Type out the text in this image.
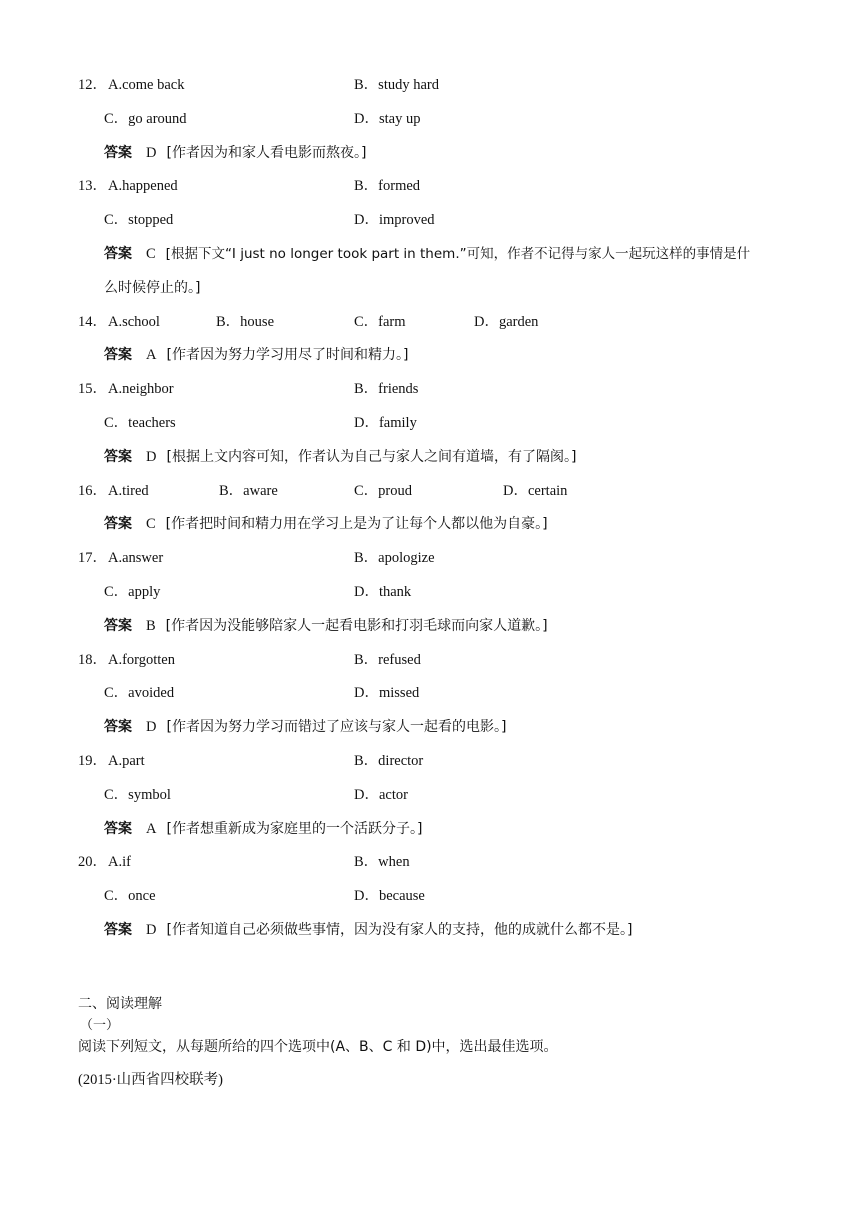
12． A.come back	B．study hard
C．go around	D．stay up
答案 D [作者因为和家人看电影而熬夜。]
13． A.happened	B．formed
C．stopped	D．improved
答案 C [根据下文“I just no longer took part in them.”可知，作者不记得与家人一起玩这样的事情是什
么时候停止的。]
14． A.school	B．house	C．farm	D．garden
答案 A [作者因为努力学习用尽了时间和精力。]
15． A.neighbor	B．friends
C．teachers	D．family
答案 D [根据上文内容可知，作者认为自己与家人之间有道墙，有了隔阂。]
16． A.tired	B．aware	C．proud	D．certain
答案 C [作者把时间和精力用在学习上是为了让每个人都以他为自豪。]
17． A.answer	B．apologize
C．apply	D．thank
答案 B [作者因为没能够陪家人一起看电影和打羽毛球而向家人道歉。]
18． A.forgotten	B．refused
C．avoided	D．missed
答案 D [作者因为努力学习而错过了应该与家人一起看的电影。]
19． A.part	B．director
C．symbol	D．actor
答案 A [作者想重新成为家庭里的一个活跃分子。]
20． A.if	B．when
C．once	D．because
答案 D [作者知道自己必须做些事情，因为没有家人的支持，他的成就什么都不是。]
二、阅读理解
（一）
阅读下列短文，从每题所给的四个选项中(A、B、C 和 D)中，选出最佳选项。
(2015·山西省四校联考)
